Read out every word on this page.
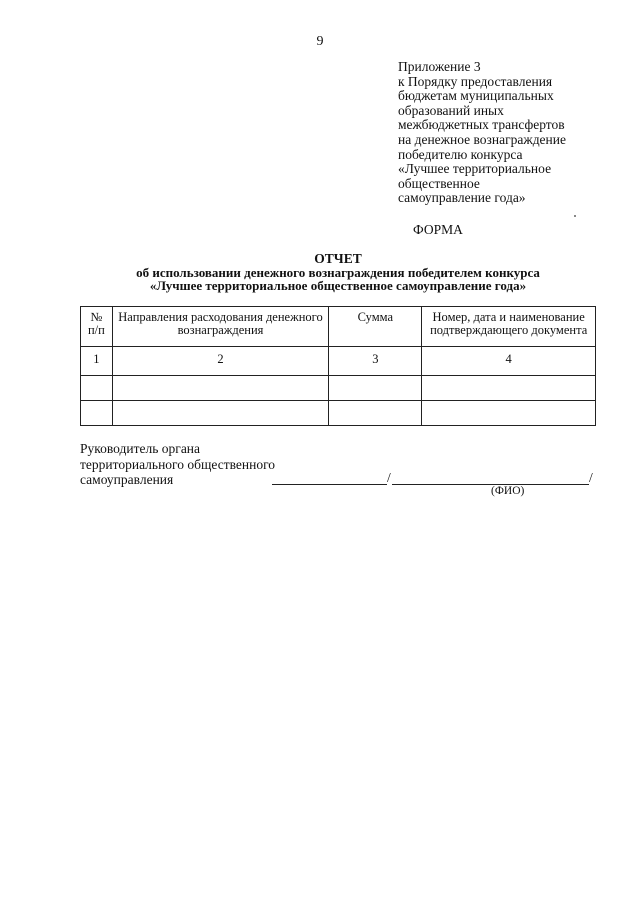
9
Приложение 3
к Порядку предоставления
бюджетам муниципальных
образований иных
межбюджетных трансфертов
на денежное вознаграждение
победителю конкурса
«Лучшее территориальное
общественное
самоуправление года»
ФОРМА
ОТЧЕТ
об использовании денежного вознаграждения победителем конкурса
«Лучшее территориальное общественное самоуправление года»
№ п/п	Направления расходования денежного вознаграждения	Сумма	Номер, дата и наименование подтверждающего документа
1	2	3	4

Руководитель органа
территориального общественного
самоуправления	/	/
(ФИО)
